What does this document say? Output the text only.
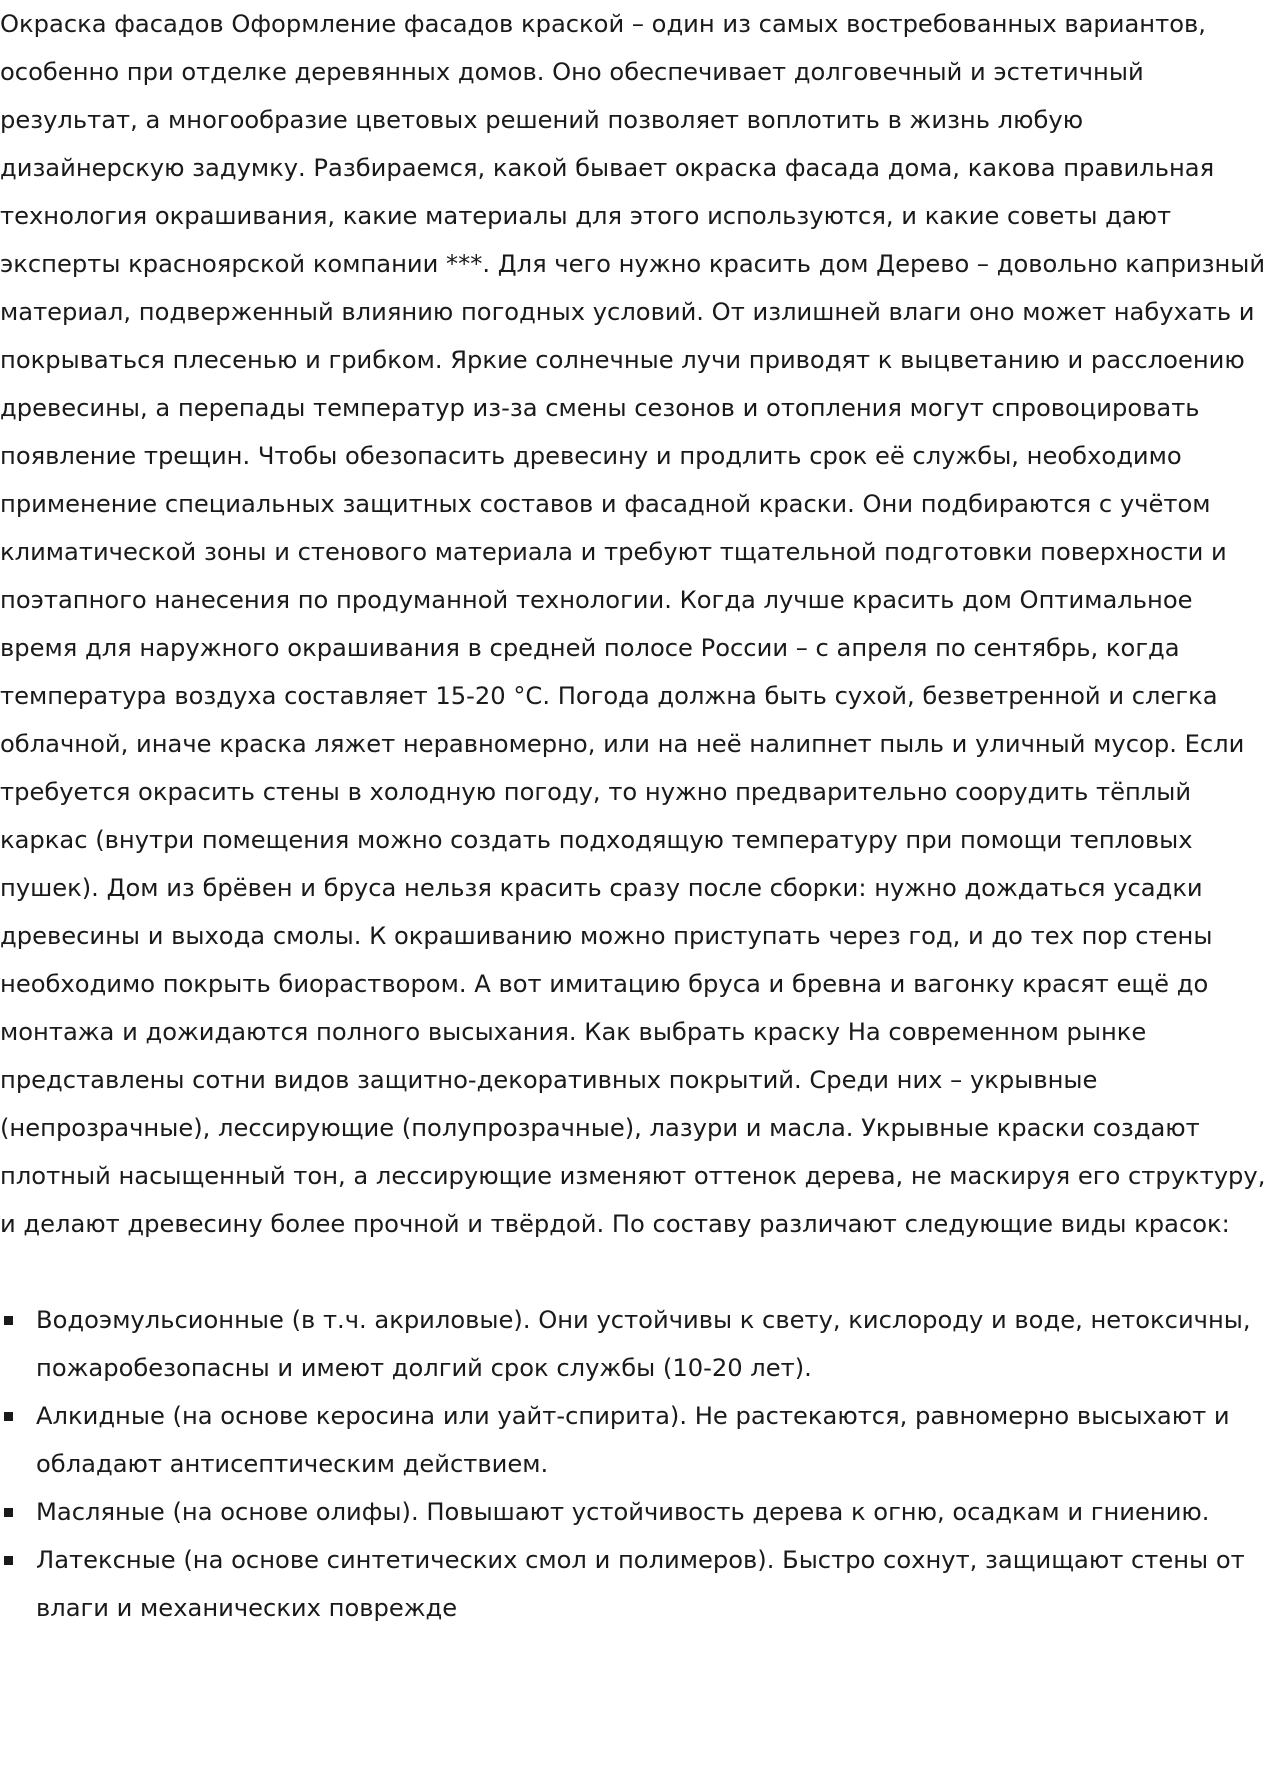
Окраска фасадов Оформление фасадов краской – один из самых востребованных вариантов, особенно при отделке деревянных домов. Оно обеспечивает долговечный и эстетичный результат, а многообразие цветовых решений позволяет воплотить в жизнь любую дизайнерскую задумку. Разбираемся, какой бывает окраска фасада дома, какова правильная технология окрашивания, какие материалы для этого используются, и какие советы дают эксперты красноярской компании ***. Для чего нужно красить дом Дерево – довольно капризный материал, подверженный влиянию погодных условий. От излишней влаги оно может набухать и покрываться плесенью и грибком. Яркие солнечные лучи приводят к выцветанию и расслоению древесины, а перепады температур из-за смены сезонов и отопления могут спровоцировать появление трещин. Чтобы обезопасить древесину и продлить срок её службы, необходимо применение специальных защитных составов и фасадной краски. Они подбираются с учётом климатической зоны и стенового материала и требуют тщательной подготовки поверхности и поэтапного нанесения по продуманной технологии. Когда лучше красить дом Оптимальное время для наружного окрашивания в средней полосе России – с апреля по сентябрь, когда температура воздуха составляет 15-20 °C. Погода должна быть сухой, безветренной и слегка облачной, иначе краска ляжет неравномерно, или на неё налипнет пыль и уличный мусор. Если требуется окрасить стены в холодную погоду, то нужно предварительно соорудить тёплый каркас (внутри помещения можно создать подходящую температуру при помощи тепловых пушек). Дом из брёвен и бруса нельзя красить сразу после сборки: нужно дождаться усадки древесины и выхода смолы. К окрашиванию можно приступать через год, и до тех пор стены необходимо покрыть биораствором. А вот имитацию бруса и бревна и вагонку красят ещё до монтажа и дожидаются полного высыхания. Как выбрать краску На современном рынке представлены сотни видов защитно-декоративных покрытий. Среди них – укрывные (непрозрачные), лессирующие (полупрозрачные), лазури и масла. Укрывные краски создают плотный насыщенный тон, а лессирующие изменяют оттенок дерева, не маскируя его структуру, и делают древесину более прочной и твёрдой. По составу различают следующие виды красок:

Водоэмульсионные (в т.ч. акриловые). Они устойчивы к свету, кислороду и воде, нетоксичны, пожаробезопасны и имеют долгий срок службы (10-20 лет).
Алкидные (на основе керосина или уайт-спирита). Не растекаются, равномерно высыхают и обладают антисептическим действием.
Масляные (на основе олифы). Повышают устойчивость дерева к огню, осадкам и гниению.
Латексные (на основе синтетических смол и полимеров). Быстро сохнут, защищают стены от влаги и механических поврежде
